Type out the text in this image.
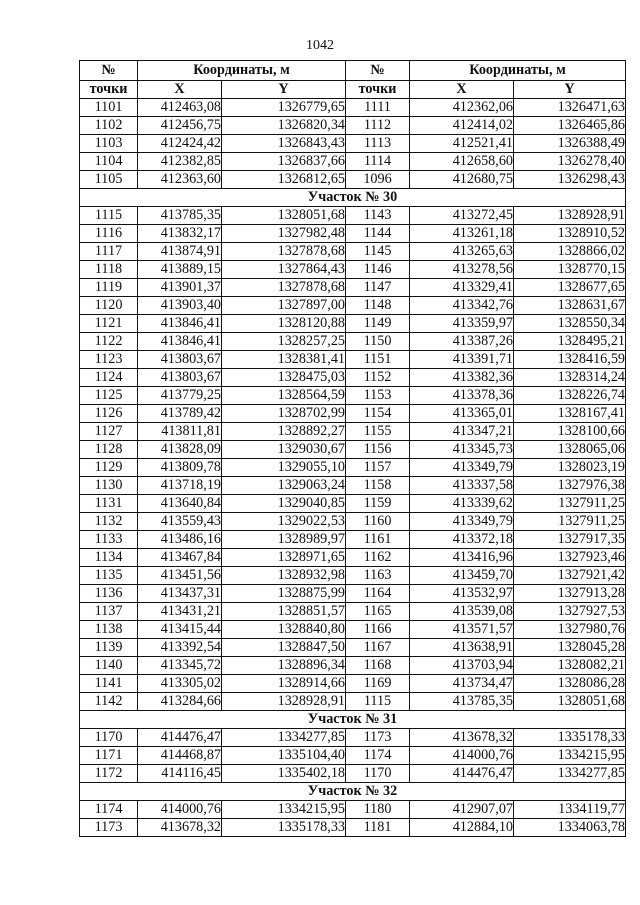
1042
№	Координаты, м		№	Координаты, м	
точки	X	Y	точки	X	Y
1101	412463,08	1326779,65	1111	412362,06	1326471,63
1102	412456,75	1326820,34	1112	412414,02	1326465,86
1103	412424,42	1326843,43	1113	412521,41	1326388,49
1104	412382,85	1326837,66	1114	412658,60	1326278,40
1105	412363,60	1326812,65	1096	412680,75	1326298,43
Участок № 30					
1115	413785,35	1328051,68	1143	413272,45	1328928,91
1116	413832,17	1327982,48	1144	413261,18	1328910,52
1117	413874,91	1327878,68	1145	413265,63	1328866,02
1118	413889,15	1327864,43	1146	413278,56	1328770,15
1119	413901,37	1327878,68	1147	413329,41	1328677,65
1120	413903,40	1327897,00	1148	413342,76	1328631,67
1121	413846,41	1328120,88	1149	413359,97	1328550,34
1122	413846,41	1328257,25	1150	413387,26	1328495,21
1123	413803,67	1328381,41	1151	413391,71	1328416,59
1124	413803,67	1328475,03	1152	413382,36	1328314,24
1125	413779,25	1328564,59	1153	413378,36	1328226,74
1126	413789,42	1328702,99	1154	413365,01	1328167,41
1127	413811,81	1328892,27	1155	413347,21	1328100,66
1128	413828,09	1329030,67	1156	413345,73	1328065,06
1129	413809,78	1329055,10	1157	413349,79	1328023,19
1130	413718,19	1329063,24	1158	413337,58	1327976,38
1131	413640,84	1329040,85	1159	413339,62	1327911,25
1132	413559,43	1329022,53	1160	413349,79	1327911,25
1133	413486,16	1328989,97	1161	413372,18	1327917,35
1134	413467,84	1328971,65	1162	413416,96	1327923,46
1135	413451,56	1328932,98	1163	413459,70	1327921,42
1136	413437,31	1328875,99	1164	413532,97	1327913,28
1137	413431,21	1328851,57	1165	413539,08	1327927,53
1138	413415,44	1328840,80	1166	413571,57	1327980,76
1139	413392,54	1328847,50	1167	413638,91	1328045,28
1140	413345,72	1328896,34	1168	413703,94	1328082,21
1141	413305,02	1328914,66	1169	413734,47	1328086,28
1142	413284,66	1328928,91	1115	413785,35	1328051,68
Участок № 31					
1170	414476,47	1334277,85	1173	413678,32	1335178,33
1171	414468,87	1335104,40	1174	414000,76	1334215,95
1172	414116,45	1335402,18	1170	414476,47	1334277,85
Участок № 32					
1174	414000,76	1334215,95	1180	412907,07	1334119,77
1173	413678,32	1335178,33	1181	412884,10	1334063,78
